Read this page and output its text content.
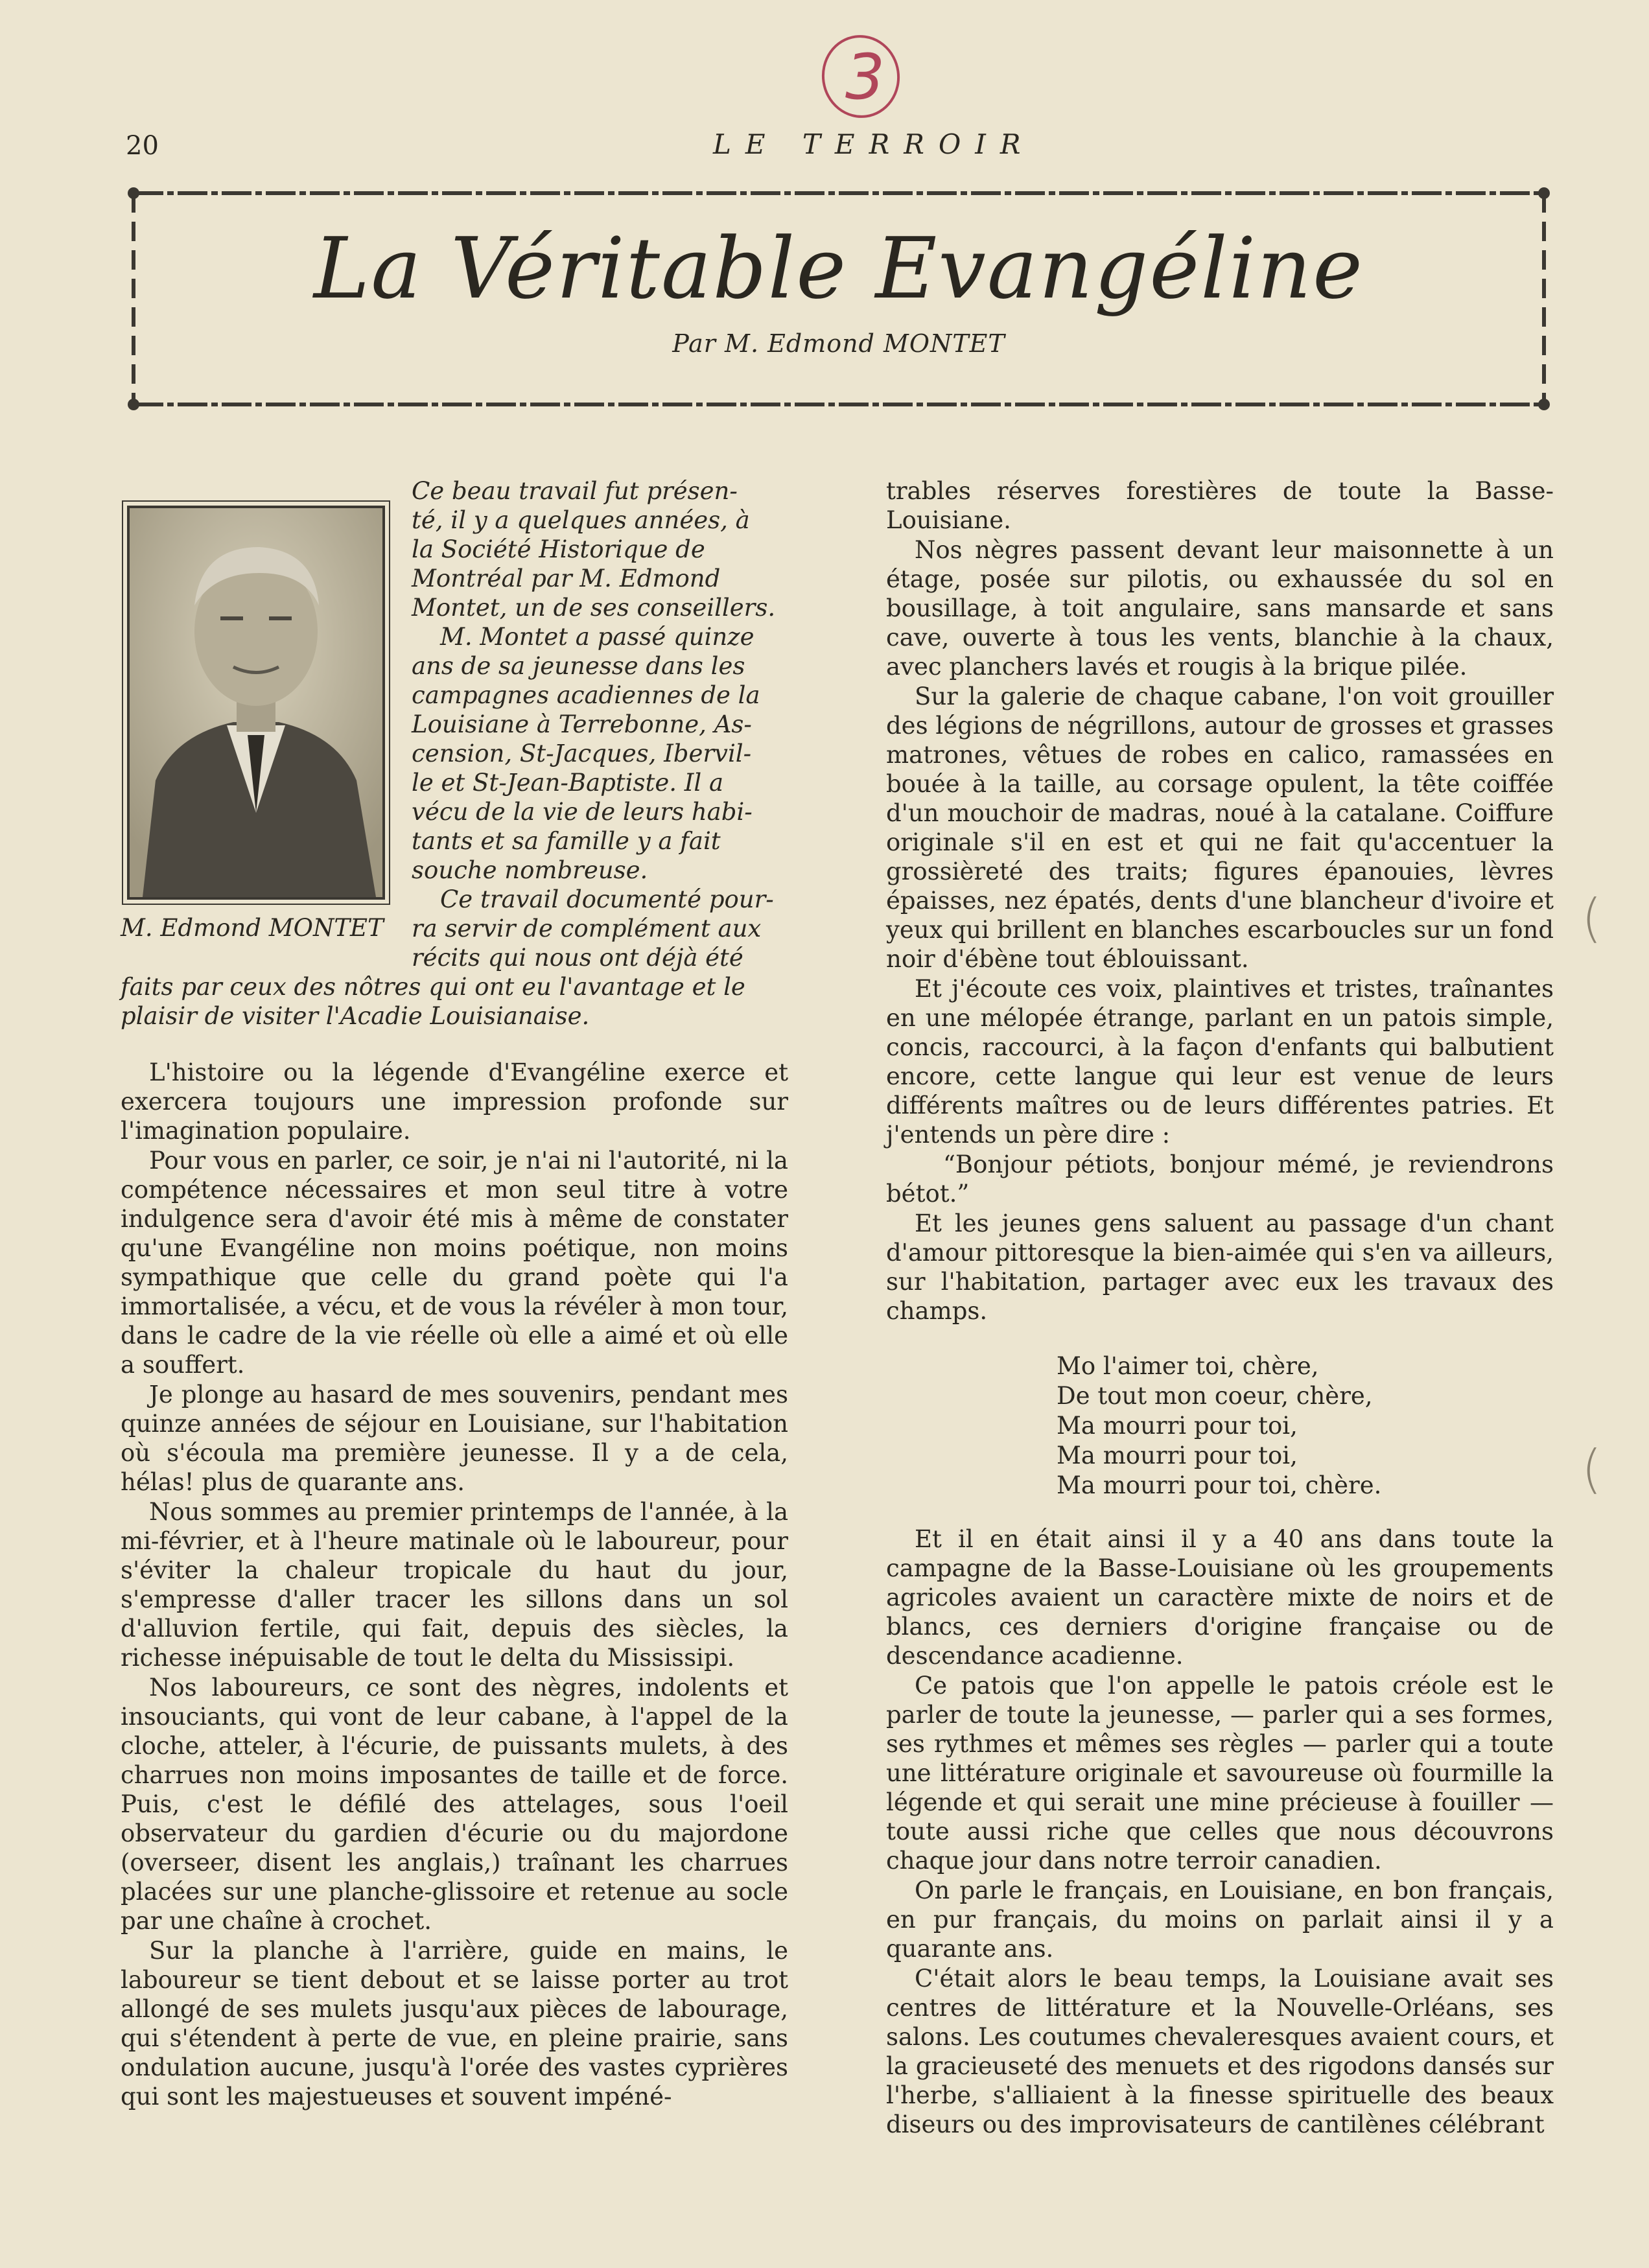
3
20	LE TERROIR
La Véritable Evangéline
Par M. Edmond MONTET
M. Edmond MONTET
Ce beau travail fut présen-
té, il y a quelques années, à
la Société Historique de
Montréal par M. Edmond
Montet, un de ses conseillers.
M. Montet a passé quinze
ans de sa jeunesse dans les
campagnes acadiennes de la
Louisiane à Terrebonne, As-
cension, St-Jacques, Ibervil-
le et St-Jean-Baptiste. Il a
vécu de la vie de leurs habi-
tants et sa famille y a fait
souche nombreuse.
Ce travail documenté pour-
ra servir de complément aux
récits qui nous ont déjà été
faits par ceux des nôtres qui ont eu l'avantage et le
plaisir de visiter l'Acadie Louisianaise.

L'histoire ou la légende d'Evangéline exerce et exercera toujours une impression profonde sur l'imagination populaire.

Pour vous en parler, ce soir, je n'ai ni l'autorité, ni la compétence nécessaires et mon seul titre à votre indulgence sera d'avoir été mis à même de constater qu'une Evangéline non moins poétique, non moins sympathique que celle du grand poète qui l'a immortalisée, a vécu, et de vous la révéler à mon tour, dans le cadre de la vie réelle où elle a aimé et où elle a souffert.

Je plonge au hasard de mes souvenirs, pendant mes quinze années de séjour en Louisiane, sur l'habitation où s'écoula ma première jeunesse. Il y a de cela, hélas! plus de quarante ans.

Nous sommes au premier printemps de l'année, à la mi-février, et à l'heure matinale où le laboureur, pour s'éviter la chaleur tropicale du haut du jour, s'empresse d'aller tracer les sillons dans un sol d'alluvion fertile, qui fait, depuis des siècles, la richesse inépuisable de tout le delta du Mississipi.

Nos laboureurs, ce sont des nègres, indolents et insouciants, qui vont de leur cabane, à l'appel de la cloche, atteler, à l'écurie, de puissants mulets, à des charrues non moins imposantes de taille et de force. Puis, c'est le défilé des attelages, sous l'oeil observateur du gardien d'écurie ou du majordone (overseer, disent les anglais,) traînant les charrues placées sur une planche-glissoire et retenue au socle par une chaîne à crochet.

Sur la planche à l'arrière, guide en mains, le laboureur se tient debout et se laisse porter au trot allongé de ses mulets jusqu'aux pièces de labourage, qui s'étendent à perte de vue, en pleine prairie, sans ondulation aucune, jusqu'à l'orée des vastes cyprières qui sont les majestueuses et souvent impéné-

trables réserves forestières de toute la Basse-Louisiane.

Nos nègres passent devant leur maisonnette à un étage, posée sur pilotis, ou exhaussée du sol en bousillage, à toit angulaire, sans mansarde et sans cave, ouverte à tous les vents, blanchie à la chaux, avec planchers lavés et rougis à la brique pilée.

Sur la galerie de chaque cabane, l'on voit grouiller des légions de négrillons, autour de grosses et grasses matrones, vêtues de robes en calico, ramassées en bouée à la taille, au corsage opulent, la tête coiffée d'un mouchoir de madras, noué à la catalane. Coiffure originale s'il en est et qui ne fait qu'accentuer la grossièreté des traits; figures épanouies, lèvres épaisses, nez épatés, dents d'une blancheur d'ivoire et yeux qui brillent en blanches escarboucles sur un fond noir d'ébène tout éblouissant.

Et j'écoute ces voix, plaintives et tristes, traînantes en une mélopée étrange, parlant en un patois simple, concis, raccourci, à la façon d'enfants qui balbutient encore, cette langue qui leur est venue de leurs différents maîtres ou de leurs différentes patries. Et j'entends un père dire :

“Bonjour pétiots, bonjour mémé, je reviendrons bétot.”

Et les jeunes gens saluent au passage d'un chant d'amour pittoresque la bien-aimée qui s'en va ailleurs, sur l'habitation, partager avec eux les travaux des champs.

Mo l'aimer toi, chère,
De tout mon coeur, chère,
Ma mourri pour toi,
Ma mourri pour toi,
Ma mourri pour toi, chère.

Et il en était ainsi il y a 40 ans dans toute la campagne de la Basse-Louisiane où les groupements agricoles avaient un caractère mixte de noirs et de blancs, ces derniers d'origine française ou de descendance acadienne.

Ce patois que l'on appelle le patois créole est le parler de toute la jeunesse, — parler qui a ses formes, ses rythmes et mêmes ses règles — parler qui a toute une littérature originale et savoureuse où fourmille la légende et qui serait une mine précieuse à fouiller — toute aussi riche que celles que nous découvrons chaque jour dans notre terroir canadien.

On parle le français, en Louisiane, en bon français, en pur français, du moins on parlait ainsi il y a quarante ans.

C'était alors le beau temps, la Louisiane avait ses centres de littérature et la Nouvelle-Orléans, ses salons. Les coutumes chevaleresques avaient cours, et la gracieuseté des menuets et des rigodons dansés sur l'herbe, s'alliaient à la finesse spirituelle des beaux diseurs ou des improvisateurs de cantilènes célébrant

(
(
